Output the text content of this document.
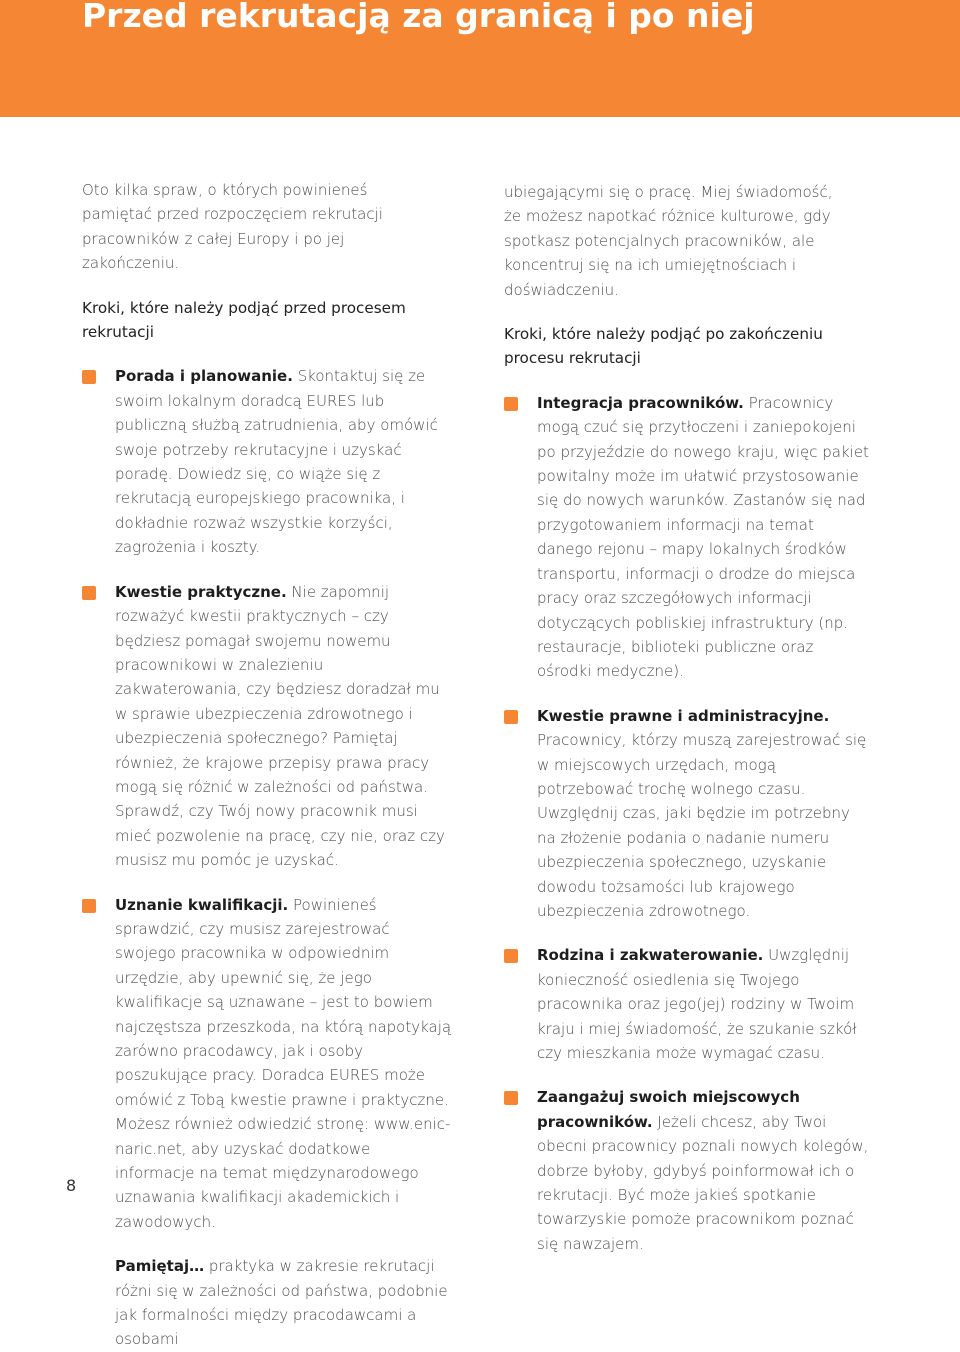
Przed rekrutacją za granicą i po niej

Oto kilka spraw, o których powinieneś pamiętać przed rozpoczęciem rekrutacji pracowników z całej Europy i po jej zakończeniu.

Kroki, które należy podjąć przed procesem rekrutacji

Porada i planowanie. Skontaktuj się ze swoim lokalnym doradcą EURES lub publiczną służbą zatrudnienia, aby omówić swoje potrzeby rekrutacyjne i uzyskać poradę. Dowiedz się, co wiąże się z rekrutacją europejskiego pracownika, i dokładnie rozważ wszystkie korzyści, zagrożenia i koszty.

Kwestie praktyczne. Nie zapomnij rozważyć kwestii praktycznych – czy będziesz pomagał swojemu nowemu pracownikowi w znalezieniu zakwaterowania, czy będziesz doradzał mu w sprawie ubezpieczenia zdrowotnego i ubezpieczenia społecznego? Pamiętaj również, że krajowe przepisy prawa pracy mogą się różnić w zależności od państwa. Sprawdź, czy Twój nowy pracownik musi mieć pozwolenie na pracę, czy nie, oraz czy musisz mu pomóc je uzyskać.

Uznanie kwalifikacji. Powinieneś sprawdzić, czy musisz zarejestrować swojego pracownika w odpowiednim urzędzie, aby upewnić się, że jego kwalifikacje są uznawane – jest to bowiem najczęstsza przeszkoda, na którą napotykają zarówno pracodawcy, jak i osoby poszukujące pracy. Doradca EURES może omówić z Tobą kwestie prawne i praktyczne. Możesz również odwiedzić stronę: www.enic-naric.net, aby uzyskać dodatkowe informacje na temat międzynarodowego uznawania kwalifikacji akademickich i zawodowych.

Pamiętaj… praktyka w zakresie rekrutacji różni się w zależności od państwa, podobnie jak formalności między pracodawcami a osobami

ubiegającymi się o pracę. Miej świadomość, że możesz napotkać różnice kulturowe, gdy spotkasz potencjalnych pracowników, ale koncentruj się na ich umiejętnościach i doświadczeniu.

Kroki, które należy podjąć po zakończeniu procesu rekrutacji

Integracja pracowników. Pracownicy mogą czuć się przytłoczeni i zaniepokojeni po przyjeździe do nowego kraju, więc pakiet powitalny może im ułatwić przystosowanie się do nowych warunków. Zastanów się nad przygotowaniem informacji na temat danego rejonu – mapy lokalnych środków transportu, informacji o drodze do miejsca pracy oraz szczegółowych informacji dotyczących pobliskiej infrastruktury (np. restauracje, biblioteki publiczne oraz ośrodki medyczne).

Kwestie prawne i administracyjne. Pracownicy, którzy muszą zarejestrować się w miejscowych urzędach, mogą potrzebować trochę wolnego czasu. Uwzględnij czas, jaki będzie im potrzebny na złożenie podania o nadanie numeru ubezpieczenia społecznego, uzyskanie dowodu tożsamości lub krajowego ubezpieczenia zdrowotnego.

Rodzina i zakwaterowanie. Uwzględnij konieczność osiedlenia się Twojego pracownika oraz jego(jej) rodziny w Twoim kraju i miej świadomość, że szukanie szkół czy mieszkania może wymagać czasu.

Zaangażuj swoich miejscowych pracowników. Jeżeli chcesz, aby Twoi obecni pracownicy poznali nowych kolegów, dobrze byłoby, gdybyś poinformował ich o rekrutacji. Być może jakieś spotkanie towarzyskie pomoże pracownikom poznać się nawzajem.

8
